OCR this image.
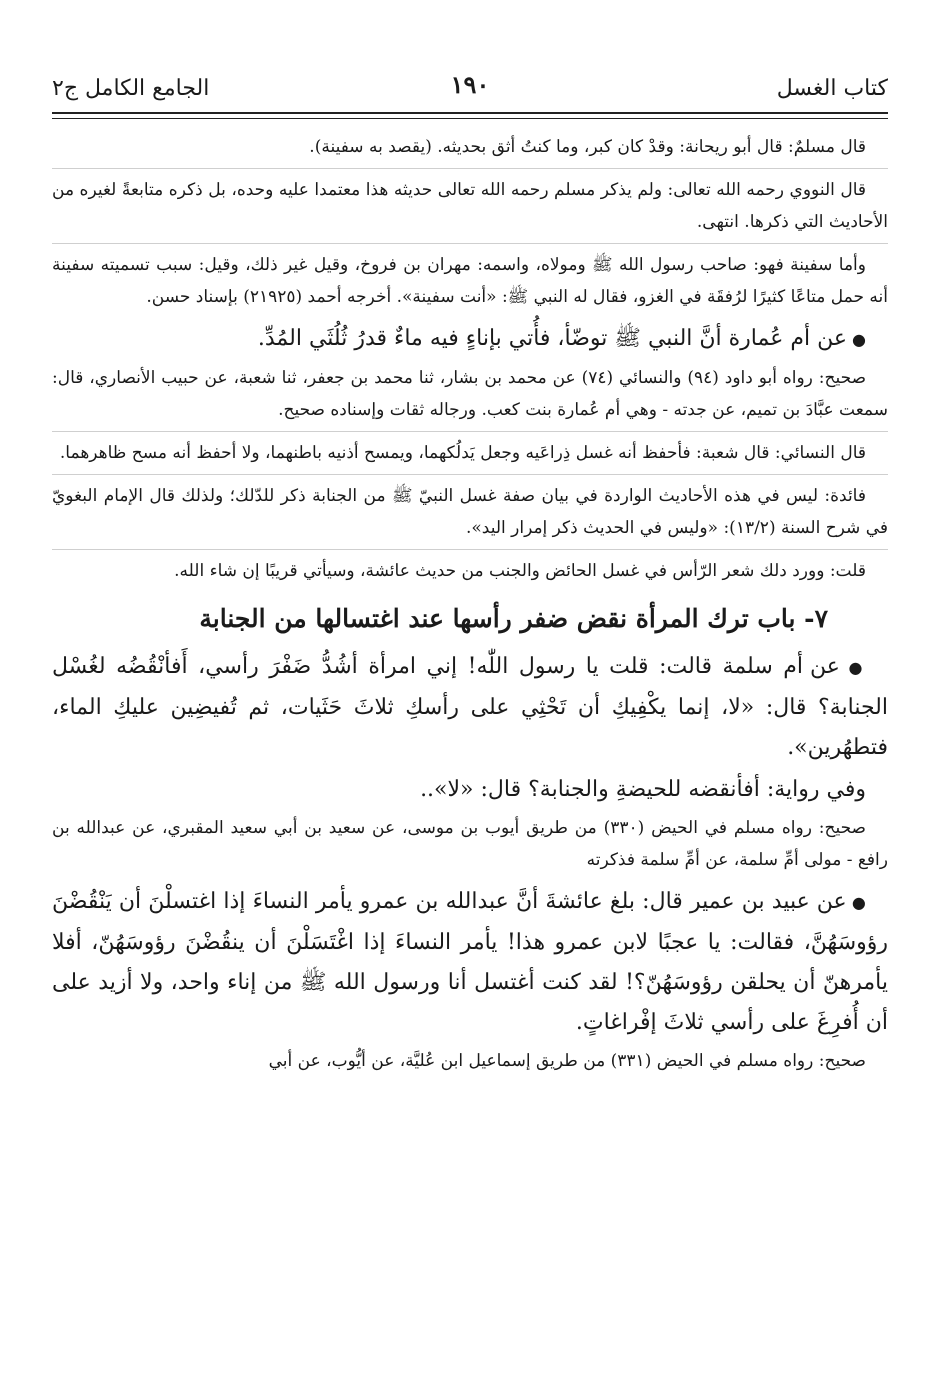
كتاب الغسل
١٩٠
الجامع الكامل ج٢

قال مسلمٌ: قال أبو ريحانة: وقدْ كان كبر، وما كنتُ أثق بحديثه. (يقصد به سفينة).

قال النووي رحمه الله تعالى: ولم يذكر مسلم رحمه الله تعالى حديثه هذا معتمدا عليه وحده، بل ذكره متابعةً لغيره من الأحاديث التي ذكرها. انتهى.

وأما سفينة فهو: صاحب رسول الله ﷺ ومولاه، واسمه: مهران بن فروخ، وقيل غير ذلك، وقيل: سبب تسميته سفينة أنه حمل متاعًا كثيرًا لرُفقَة في الغزو، فقال له النبي ﷺ: «أنت سفينة». أخرجه أحمد (٢١٩٢٥) بإسناد حسن.

● عن أم عُمارة أنَّ النبي ﷺ توضّأ، فأُتي بإناءٍ فيه ماءٌ قدرُ ثُلُثَي المُدِّ.

صحيح: رواه أبو داود (٩٤) والنسائي (٧٤) عن محمد بن بشار، ثنا محمد بن جعفر، ثنا شعبة، عن حبيب الأنصاري، قال: سمعت عبَّادَ بن تميم، عن جدته - وهي أم عُمارة بنت كعب. ورجاله ثقات وإسناده صحيح.

قال النسائي: قال شعبة: فأحفظ أنه غسل ذِراعَيه وجعل يَدلُكهما، ويمسح أذنيه باطنهما، ولا أحفظ أنه مسح ظاهرهما.

فائدة: ليس في هذه الأحاديث الواردة في بيان صفة غسل النبيّ ﷺ من الجنابة ذكر للدّلك؛ ولذلك قال الإمام البغويّ في شرح السنة (١٣/٢): «وليس في الحديث ذكر إمرار اليد».

قلت: وورد دلك شعر الرّأس في غسل الحائض والجنب من حديث عائشة، وسيأتي قريبًا إن شاء الله.

٧- باب ترك المرأة نقض ضفر رأسها عند اغتسالها من الجنابة

● عن أم سلمة قالت: قلت يا رسول اللّٰه! إني امرأة أشُدُّ ضَفْرَ رأسي، أَفأنْقُضُه لغُسْل الجنابة؟ قال: «لا، إنما يكْفِيكِ أن تَحْثِي على رأسكِ ثلاثَ حَثَيات، ثم تُفيضِين عليكِ الماء، فتطهُرين».

وفي رواية: أفأنقضه للحيضةِ والجنابة؟ قال: «لا»..

صحيح: رواه مسلم في الحيض (٣٣٠) من طريق أيوب بن موسى، عن سعيد بن أبي سعيد المقبري، عن عبدالله بن رافع - مولى أمِّ سلمة، عن أمِّ سلمة فذكرته

● عن عبيد بن عمير قال: بلغ عائشةَ أنَّ عبدالله بن عمرو يأمر النساءَ إذا اغتسلْنَ أن يَنْقُضْنَ رؤوسَهُنَّ، فقالت: يا عجبًا لابن عمرو هذا! يأمر النساءَ إذا اغْتَسَلْنَ أن ينقُضْنَ رؤوسَهُنّ، أفلا يأمرهنّ أن يحلقن رؤوسَهُنّ؟! لقد كنت أغتسل أنا ورسول الله ﷺ من إناء واحد، ولا أزيد على أن أُفرِغَ على رأسي ثلاثَ إفْراغاتٍ.

صحيح: رواه مسلم في الحيض (٣٣١) من طريق إسماعيل ابن عُليَّة، عن أيُّوب، عن أبي
